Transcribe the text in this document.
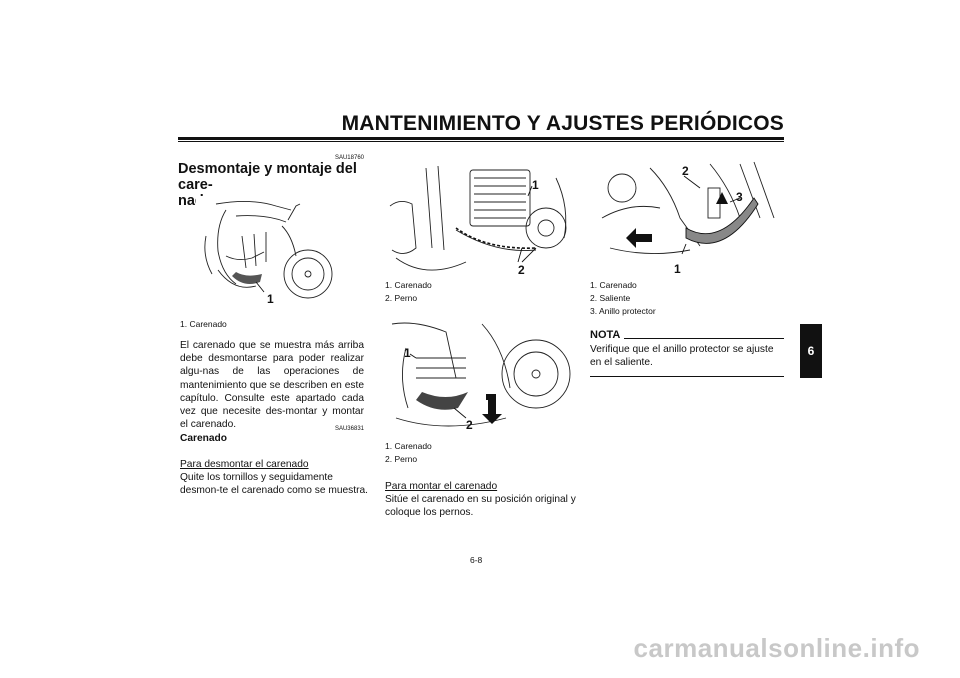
MANTENIMIENTO Y AJUSTES PERIÓDICOS
6
SAU18760
Desmontaje y montaje del care-
nado
1
1. Carenado
El carenado que se muestra más arriba debe desmontarse para poder realizar algu-nas de las operaciones de mantenimiento que se describen en este capítulo. Consulte este apartado cada vez que necesite des-montar y montar el carenado.	SAU36831
Carenado
Para desmontar el carenado
Quite los tornillos y seguidamente desmon-te el carenado como se muestra.
1
2
1. Carenado
2. Perno
1
2
1. Carenado
2. Perno
Para montar el carenado
Sitúe el carenado en su posición original y coloque los pernos.
2
3
1
1. Carenado
2. Saliente
3. Anillo protector
NOTA
Verifique que el anillo protector se ajuste en el saliente.
6-8
carmanualsonline.info
